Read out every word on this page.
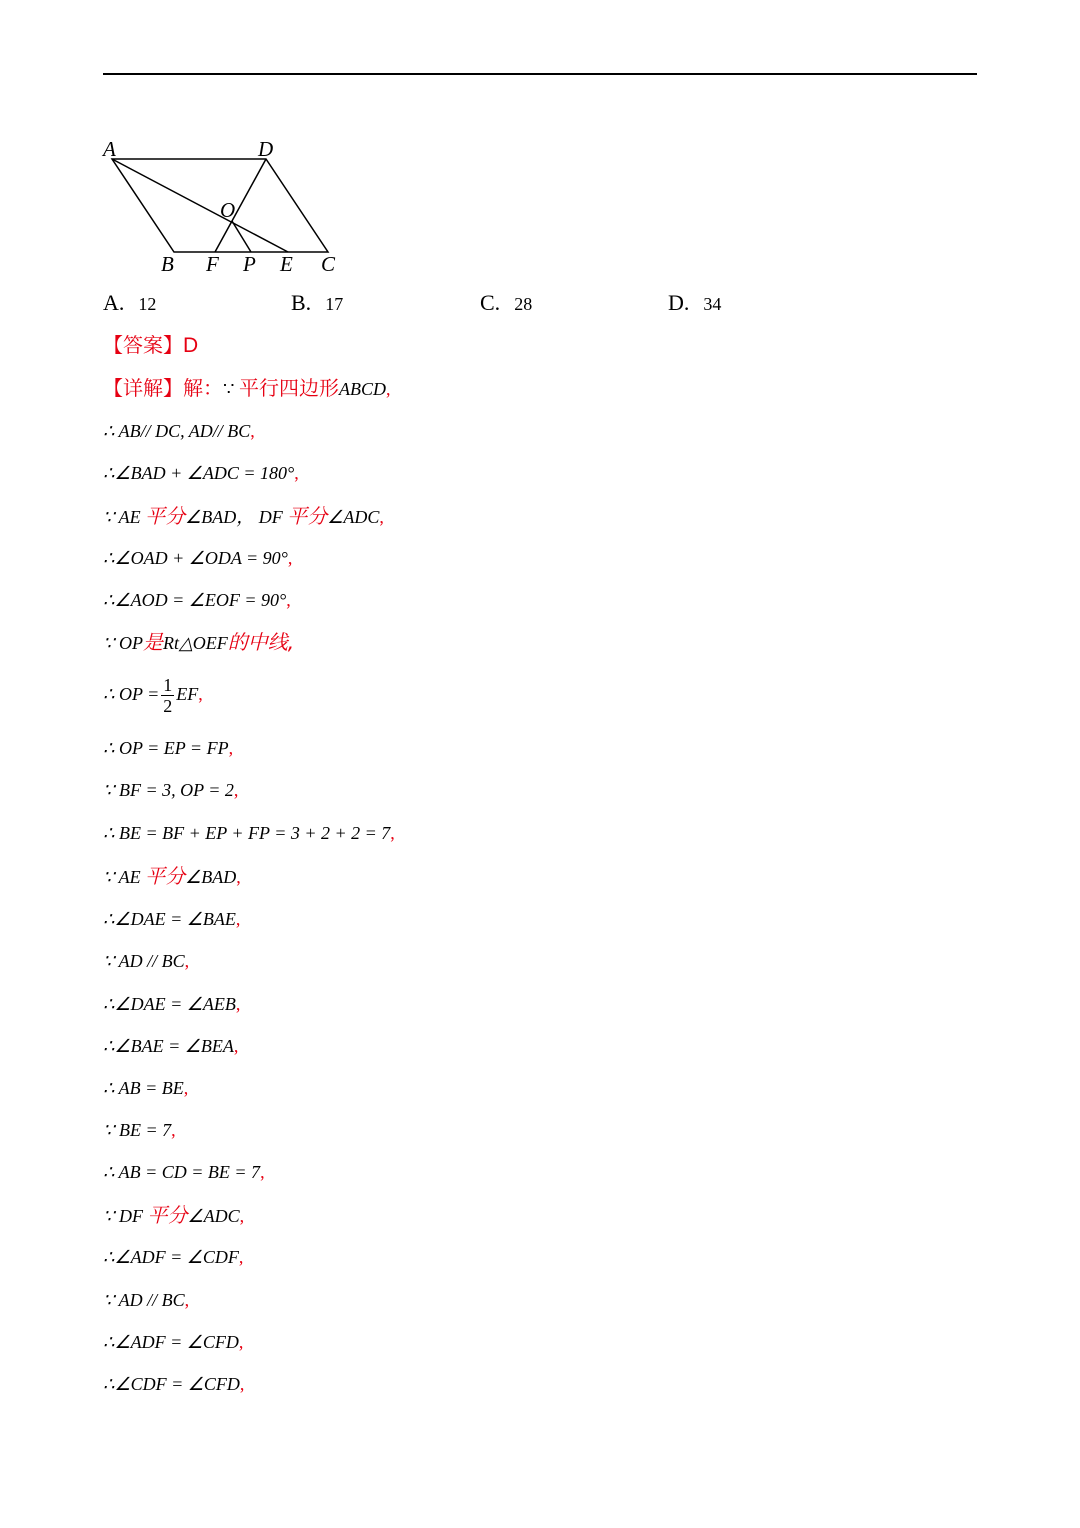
A	D
O
B F P E C
A. 12	B. 17	C. 28	D. 34
【答案】D
【详解】解：∵ 平行四边形ABCD,
∴ AB// DC, AD// BC,
∴∠BAD + ∠ADC = 180°,
∵ AE 平分∠BAD， DF 平分∠ADC,
∴∠OAD + ∠ODA = 90°,
∴∠AOD = ∠EOF = 90°,
∵ OP是Rt△OEF的中线,
∴ OP = $\frac{1}{2}$ EF,
∴ OP = EP = FP,
∵ BF = 3, OP = 2,
∴ BE = BF + EP + FP = 3 + 2 + 2 = 7,
∵ AE 平分∠BAD,
∴∠DAE = ∠BAE,
∵ AD // BC,
∴∠DAE = ∠AEB,
∴∠BAE = ∠BEA,
∴ AB = BE,
∵ BE = 7,
∴ AB = CD = BE = 7,
∵ DF 平分∠ADC,
∴∠ADF = ∠CDF,
∵ AD // BC,
∴∠ADF = ∠CFD,
∴∠CDF = ∠CFD,
